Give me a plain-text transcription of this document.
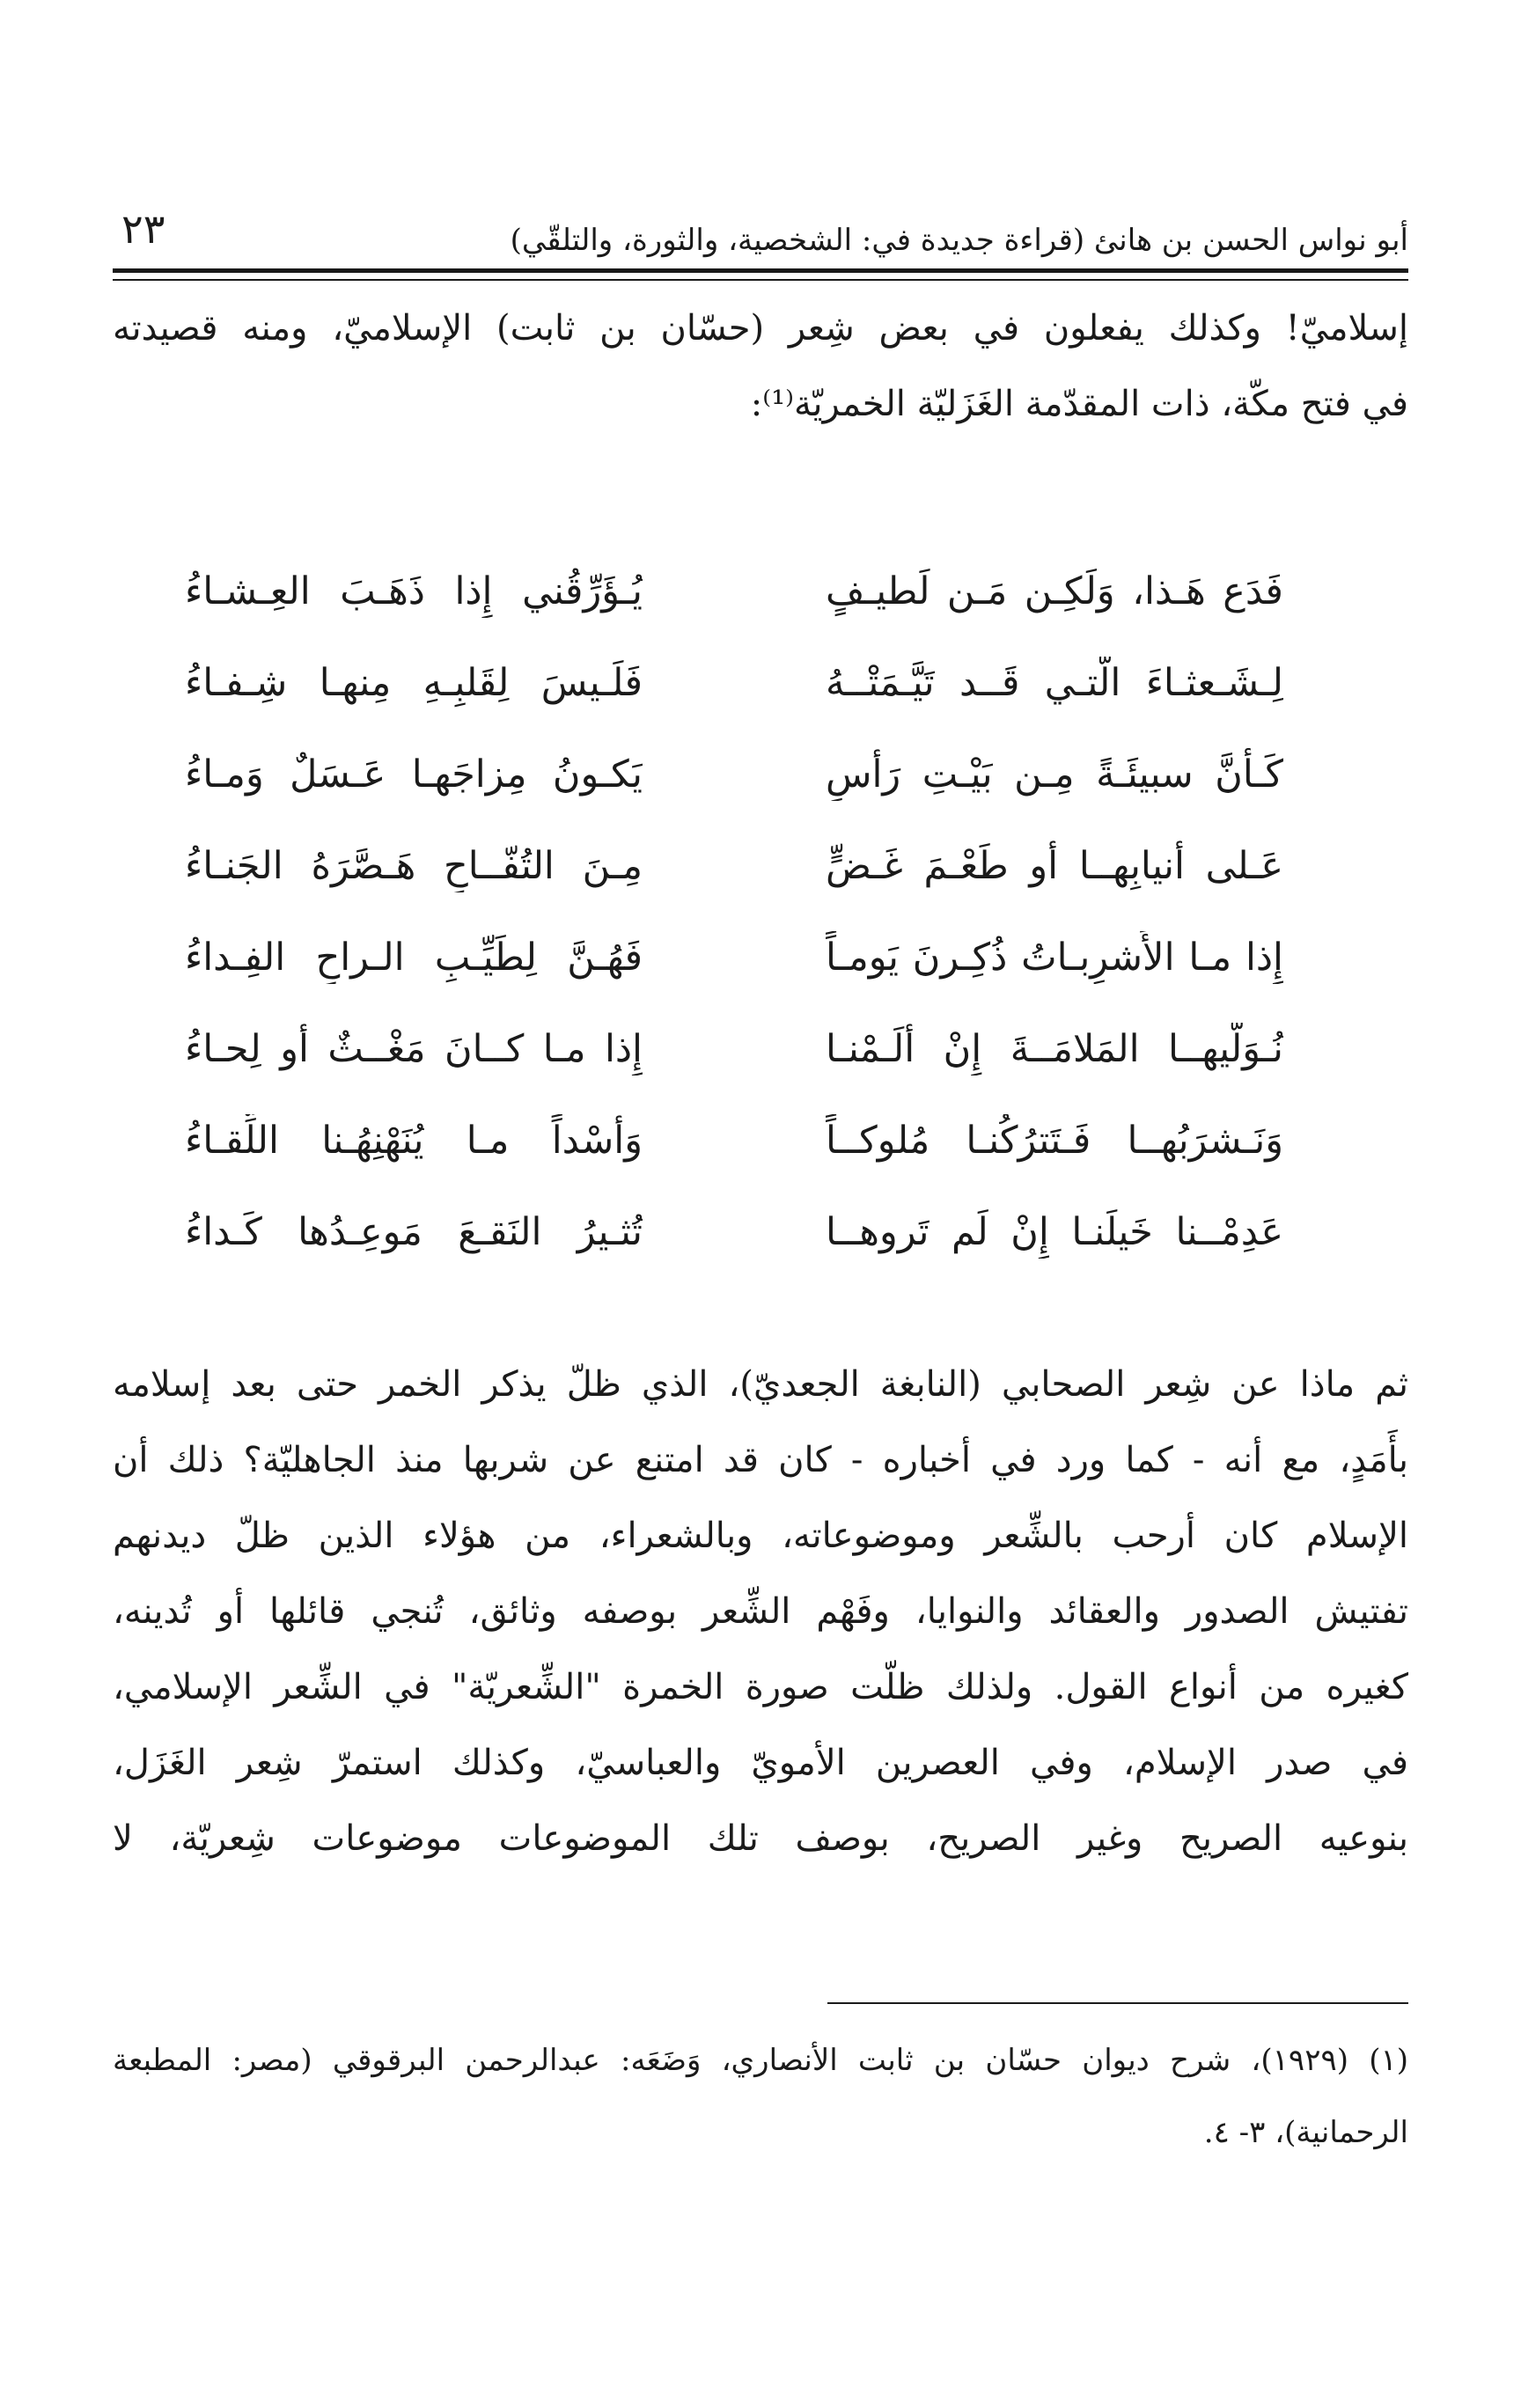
٢٣	أبو نواس الحسن بن هانئ (قراءة جديدة في: الشخصية، والثورة، والتلقّي)
إسلاميّ! وكذلك يفعلون في بعض شِعر (حسّان بن ثابت) الإسلاميّ، ومنه قصيدته
في فتح مكّة، ذات المقدّمة الغَزَليّة الخمريّة⁽¹⁾:
فَدَع هَـذا، وَلَكِـن مَـن لَطيـفٍ
يُـؤَرِّقُني إِذا ذَهَـبَ العِـشـاءُ
لِـشَـعثـاءَ الَّتـي قَــد تَيَّـمَتْــهُ
فَلَـيسَ لِقَلبِـهِ مِنهـا شِـفـاءُ
كَـأَنَّ سبيئَـةً مِـن بَيْـتِ رَأسٍ
يَكـونُ مِزاجَهـا عَـسَلٌ وَمـاءُ
عَـلى أَنيابِهــا أَو طَعْـمَ غَـضٍّ
مِـنَ التُفّــاحِ هَـصَّرَهُ الجَنـاءُ
إِذا مـا الأَشرِبـاتُ ذُكِـرنَ يَومـاً
فَهُـنَّ لِطَيِّـبِ الـراحِ الفِـداءُ
نُـوَلّيهــا المَلامَــةَ إِنْ أَلَـمْنـا
إِذا مـا كــانَ مَغْــثٌ أَو لِحـاءُ
وَنَـشرَبُهــا فَـتَترُكُنـا مُلوكــاً
وَأُسْداً مـا يُنَهْنِهُـنا اللِّقـاءُ
عَدِمْــنا خَيلَنـا إِنْ لَم تَروهــا
تُثـيرُ النَقـعَ مَوعِـدُها كَـداءُ
ثم ماذا عن شِعر الصحابي (النابغة الجعديّ)، الذي ظلّ يذكر الخمر حتى بعد إسلامه
بأَمَدٍ، مع أنه - كما ورد في أخباره - كان قد امتنع عن شربها منذ الجاهليّة؟ ذلك أن
الإسلام كان أرحب بالشِّعر وموضوعاته، وبالشعراء، من هؤلاء الذين ظلّ ديدنهم
تفتيش الصدور والعقائد والنوايا، وفَهْم الشِّعر بوصفه وثائق، تُنجي قائلها أو تُدينه،
كغيره من أنواع القول. ولذلك ظلّت صورة الخمرة "الشِّعريّة" في الشِّعر الإسلامي،
في صدر الإسلام، وفي العصرين الأمويّ والعباسيّ، وكذلك استمرّ شِعر الغَزَل،
بنوعيه الصريح وغير الصريح، بوصف تلك الموضوعات موضوعات شِعريّة، لا
(١) (١٩٢٩)، شرح ديوان حسّان بن ثابت الأنصاري، وَضَعَه: عبدالرحمن البرقوقي (مصر: المطبعة
الرحمانية)، ٣- ٤.
